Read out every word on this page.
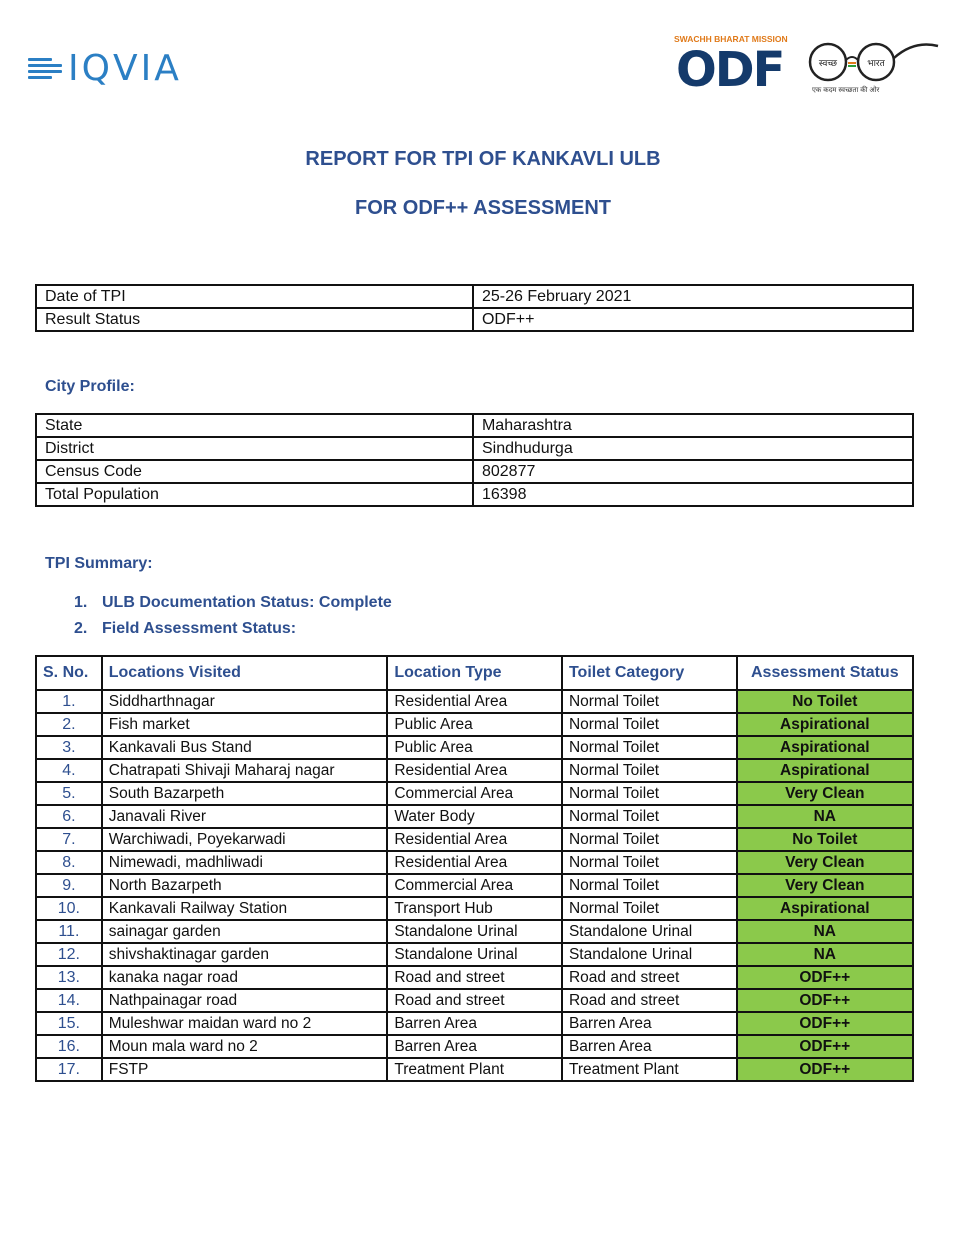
IQVIA
SWACHH BHARAT MISSION
ODF	स्वच्छ	भारत
एक कदम स्वच्छता की ओर
REPORT FOR TPI OF KANKAVLI ULB
FOR ODF++ ASSESSMENT
Date of TPI	25-26 February 2021
Result Status	ODF++
City Profile:
State	Maharashtra
District	Sindhudurga
Census Code	802877
Total Population	16398
TPI Summary:
1. ULB Documentation Status: Complete
2. Field Assessment Status:
S. No.	Locations Visited	Location Type	Toilet Category	Assessment Status
1.	Siddharthnagar	Residential Area	Normal Toilet	No Toilet
2.	Fish market	Public Area	Normal Toilet	Aspirational
3.	Kankavali Bus Stand	Public Area	Normal Toilet	Aspirational
4.	Chatrapati Shivaji Maharaj nagar	Residential Area	Normal Toilet	Aspirational
5.	South Bazarpeth	Commercial Area	Normal Toilet	Very Clean
6.	Janavali River	Water Body	Normal Toilet	NA
7.	Warchiwadi, Poyekarwadi	Residential Area	Normal Toilet	No Toilet
8.	Nimewadi, madhliwadi	Residential Area	Normal Toilet	Very Clean
9.	North Bazarpeth	Commercial Area	Normal Toilet	Very Clean
10.	Kankavali Railway Station	Transport Hub	Normal Toilet	Aspirational
11.	sainagar garden	Standalone Urinal	Standalone Urinal	NA
12.	shivshaktinagar garden	Standalone Urinal	Standalone Urinal	NA
13.	kanaka nagar road	Road and street	Road and street	ODF++
14.	Nathpainagar road	Road and street	Road and street	ODF++
15.	Muleshwar maidan ward no 2	Barren Area	Barren Area	ODF++
16.	Moun mala ward no 2	Barren Area	Barren Area	ODF++
17.	FSTP	Treatment Plant	Treatment Plant	ODF++
